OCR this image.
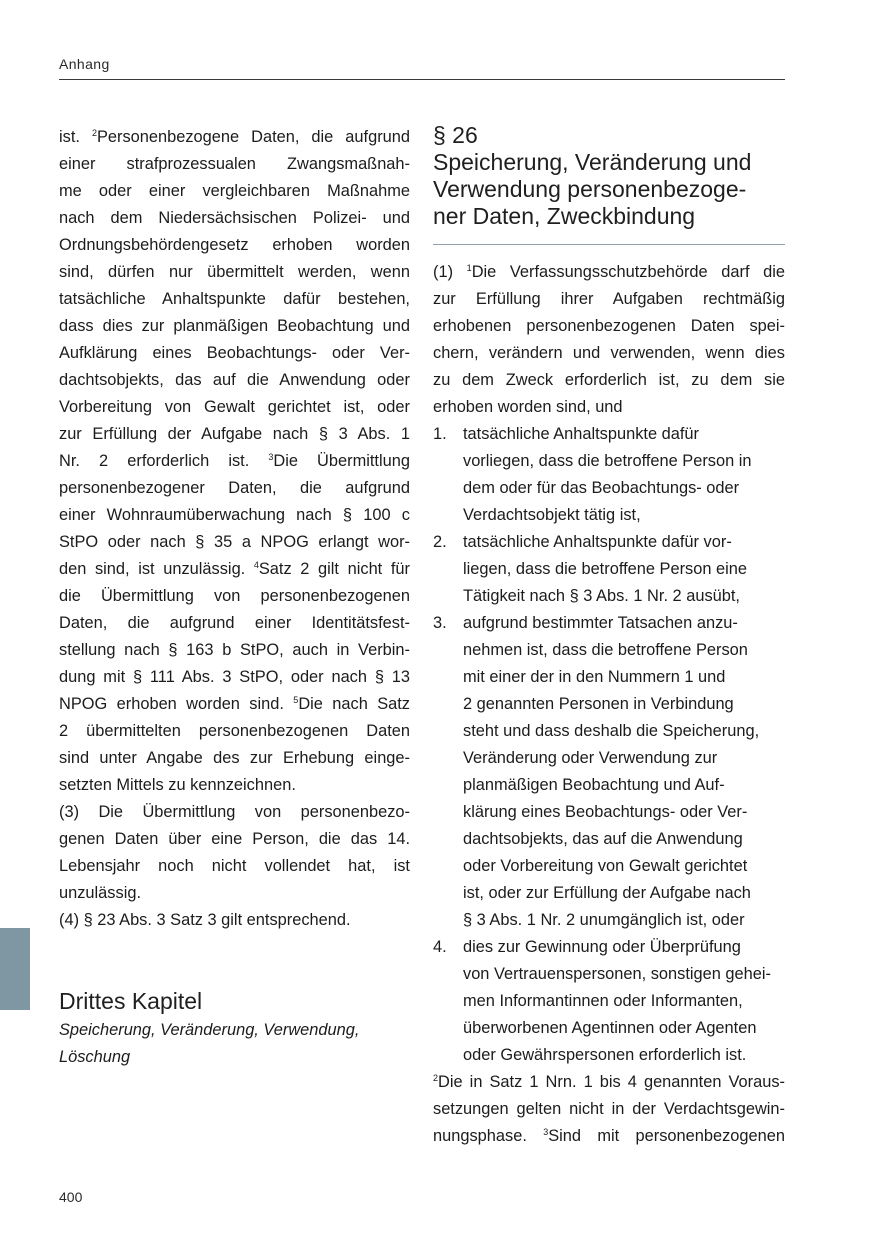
Anhang
ist. $^2$Personenbezogene Daten, die aufgrund
einer strafprozessualen Zwangsmaßnah-
me oder einer vergleichbaren Maßnahme
nach dem Niedersächsischen Polizei- und
Ordnungsbehördengesetz erhoben worden
sind, dürfen nur übermittelt werden, wenn
tatsächliche Anhaltspunkte dafür bestehen,
dass dies zur planmäßigen Beobachtung und
Aufklärung eines Beobachtungs- oder Ver-
dachtsobjekts, das auf die Anwendung oder
Vorbereitung von Gewalt gerichtet ist, oder
zur Erfüllung der Aufgabe nach § 3 Abs. 1
Nr. 2 erforderlich ist. $^3$Die Übermittlung
personenbezogener Daten, die aufgrund
einer Wohnraumüberwachung nach § 100 c
StPO oder nach § 35 a NPOG erlangt wor-
den sind, ist unzulässig. $^4$Satz 2 gilt nicht für
die Übermittlung von personenbezogenen
Daten, die aufgrund einer Identitätsfest-
stellung nach § 163 b StPO, auch in Verbin-
dung mit § 111 Abs. 3 StPO, oder nach § 13
NPOG erhoben worden sind. $^5$Die nach Satz
2 übermittelten personenbezogenen Daten
sind unter Angabe des zur Erhebung einge-
setzten Mittels zu kennzeichnen.
(3) Die Übermittlung von personenbezo-
genen Daten über eine Person, die das 14.
Lebensjahr noch nicht vollendet hat, ist
unzulässig.
(4) § 23 Abs. 3 Satz 3 gilt entsprechend.
Drittes Kapitel
Speicherung, Veränderung, Verwendung,
Löschung
§ 26
Speicherung, Veränderung und
Verwendung personenbezoge-
ner Daten, Zweckbindung
(1) $^1$Die Verfassungsschutzbehörde darf die
zur Erfüllung ihrer Aufgaben rechtmäßig
erhobenen personenbezogenen Daten spei-
chern, verändern und verwenden, wenn dies
zu dem Zweck erforderlich ist, zu dem sie
erhoben worden sind, und
1. tatsächliche Anhaltspunkte dafür
vorliegen, dass die betroffene Person in
dem oder für das Beobachtungs- oder
Verdachtsobjekt tätig ist,
2. tatsächliche Anhaltspunkte dafür vor-
liegen, dass die betroffene Person eine
Tätigkeit nach § 3 Abs. 1 Nr. 2 ausübt,
3. aufgrund bestimmter Tatsachen anzu-
nehmen ist, dass die betroffene Person
mit einer der in den Nummern 1 und
2 genannten Personen in Verbindung
steht und dass deshalb die Speicherung,
Veränderung oder Verwendung zur
planmäßigen Beobachtung und Auf-
klärung eines Beobachtungs- oder Ver-
dachtsobjekts, das auf die Anwendung
oder Vorbereitung von Gewalt gerichtet
ist, oder zur Erfüllung der Aufgabe nach
§ 3 Abs. 1 Nr. 2 unumgänglich ist, oder
4. dies zur Gewinnung oder Überprüfung
von Vertrauenspersonen, sonstigen gehei-
men Informantinnen oder Informanten,
überworbenen Agentinnen oder Agenten
oder Gewährspersonen erforderlich ist.
$^2$Die in Satz 1 Nrn. 1 bis 4 genannten Voraus-
setzungen gelten nicht in der Verdachtsgewin-
nungsphase. $^3$Sind mit personenbezogenen
400
